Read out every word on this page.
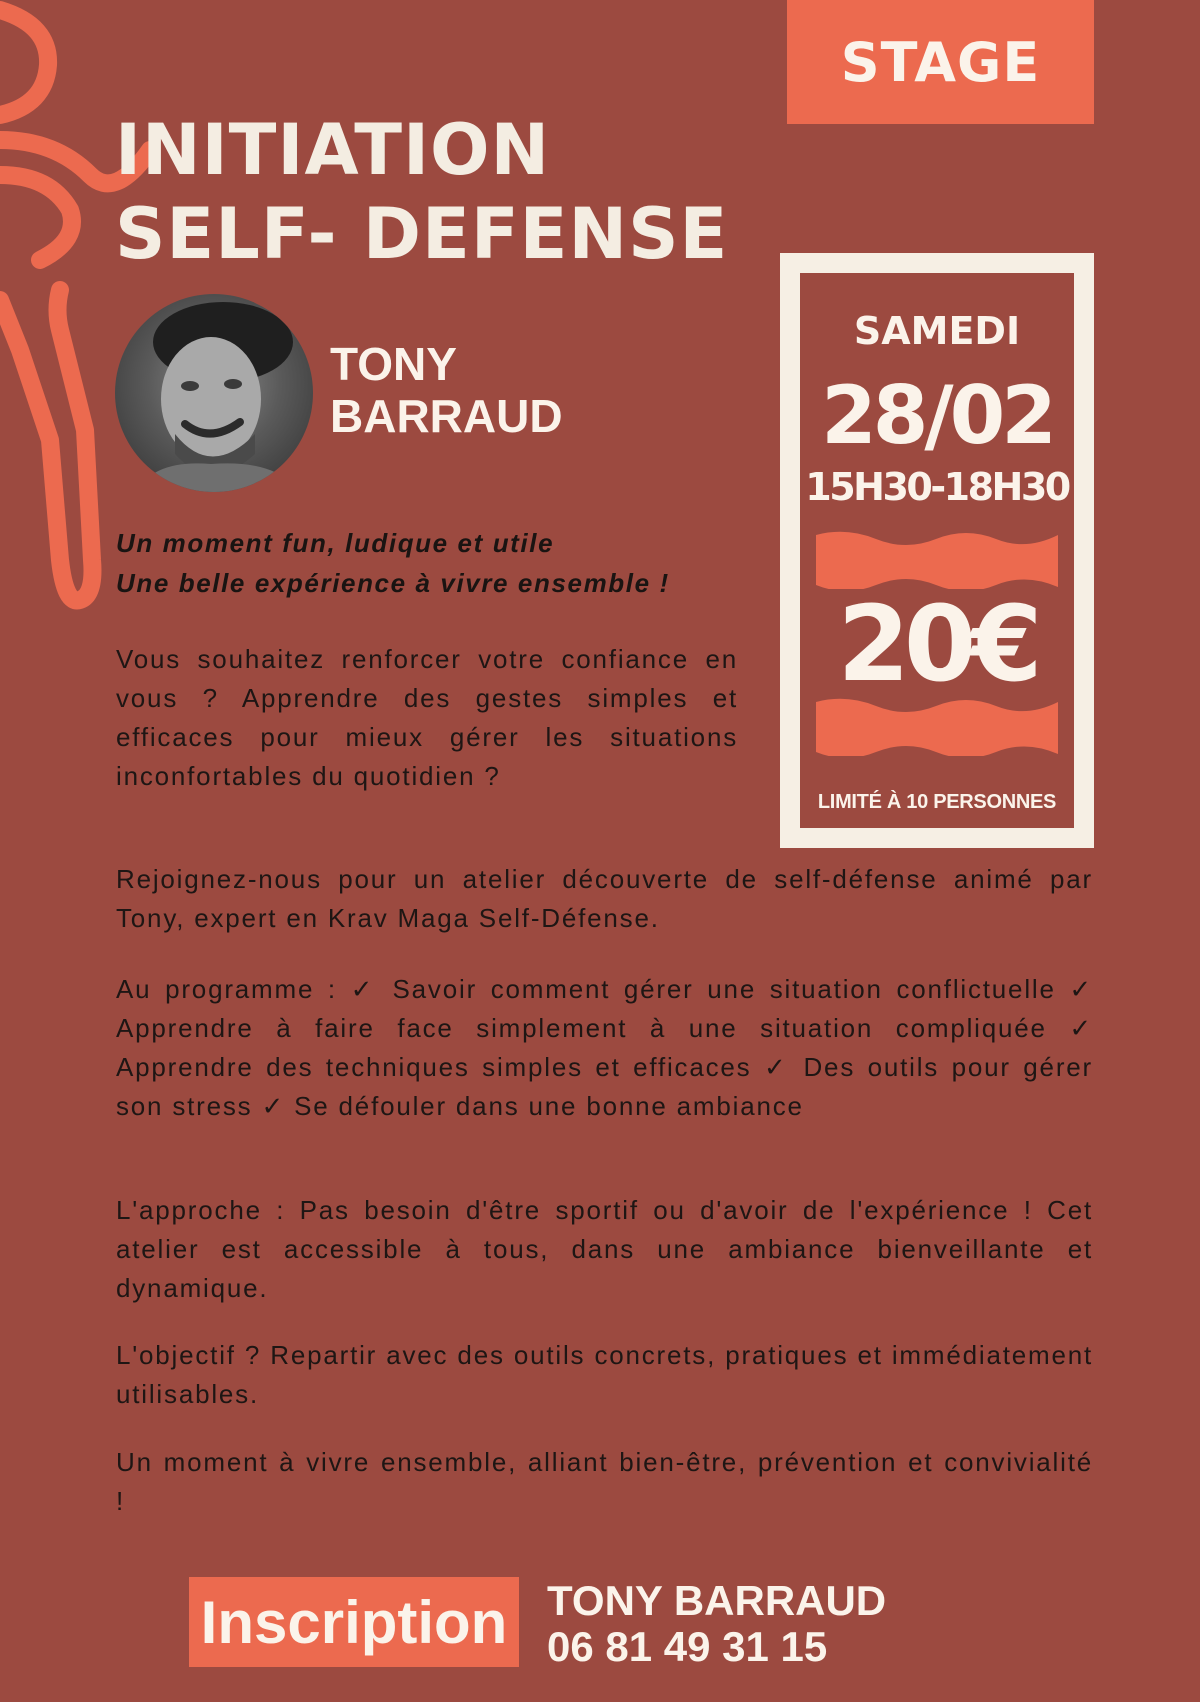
STAGE
INITIATION
SELF- DEFENSE
TONY
BARRAUD
Un moment fun, ludique et utile
Une belle expérience à vivre ensemble !

Vous souhaitez renforcer votre confiance en vous ? Apprendre des gestes simples et efficaces pour mieux gérer les situations inconfortables du quotidien ?

SAMEDI
28/02
15H30-18H30
20€
LIMITÉ À 10 PERSONNES

Rejoignez-nous pour un atelier découverte de self-défense animé par Tony, expert en Krav Maga Self-Défense.

Au programme : ✓ Savoir comment gérer une situation conflictuelle ✓ Apprendre à faire face simplement à une situation compliquée ✓ Apprendre des techniques simples et efficaces ✓ Des outils pour gérer son stress ✓ Se défouler dans une bonne ambiance

L'approche : Pas besoin d'être sportif ou d'avoir de l'expérience ! Cet atelier est accessible à tous, dans une ambiance bienveillante et dynamique.

L'objectif ? Repartir avec des outils concrets, pratiques et immédiatement utilisables.

Un moment à vivre ensemble, alliant bien-être, prévention et convivialité !

Inscription TONY BARRAUD
06 81 49 31 15
